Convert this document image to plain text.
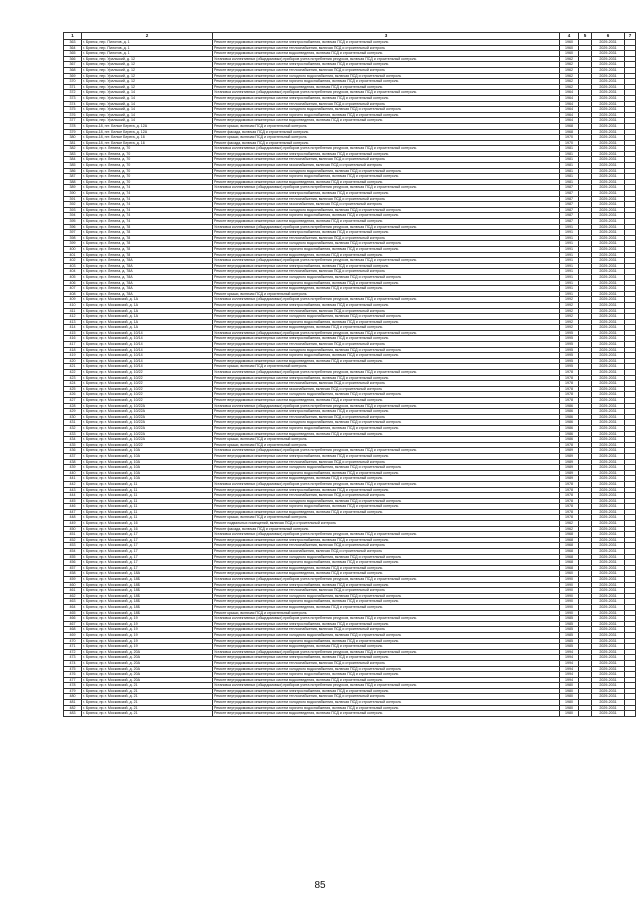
1	2	3	4	5	6	7
363	г. Брянск, пер. Пилотов, д. 1	Ремонт внутридомовых инженерных систем электроснабжения, включая ПСД и строительный контроль	1960		2029-2031	
364	г. Брянск, пер. Пилотов, д. 1	Ремонт внутридомовых инженерных систем теплоснабжения, включая ПСД и строительный контроль	1960		2029-2031	
365	г. Брянск, пер. Пилотов, д. 1	Ремонт внутридомовых инженерных систем водоотведения, включая ПСД и строительный контроль	1960		2029-2031	
366	г. Брянск, пер. Уральский, д. 12	Установка коллективных (общедомовых) приборов учета потребления ресурсов, включая ПСД и строительный контроль	1962		2029-2031	
367	г. Брянск, пер. Уральский, д. 12	Ремонт внутридомовых инженерных систем электроснабжения, включая ПСД и строительный контроль	1962		2029-2031	
368	г. Брянск, пер. Уральский, д. 12	Ремонт внутридомовых инженерных систем теплоснабжения, включая ПСД и строительный контроль	1962		2029-2031	
369	г. Брянск, пер. Уральский, д. 12	Ремонт внутридомовых инженерных систем холодного водоснабжения, включая ПСД и строительный контроль	1962		2029-2031	
370	г. Брянск, пер. Уральский, д. 12	Ремонт внутридомовых инженерных систем горячего водоснабжения, включая ПСД и строительный контроль	1962		2029-2031	
371	г. Брянск, пер. Уральский, д. 12	Ремонт внутридомовых инженерных систем водоотведения, включая ПСД и строительный контроль	1962		2029-2031	
372	г. Брянск, пер. Уральский, д. 14	Установка коллективных (общедомовых) приборов учета потребления ресурсов, включая ПСД и строительный контроль	1964		2029-2031	
373	г. Брянск, пер. Уральский, д. 14	Ремонт внутридомовых инженерных систем электроснабжения, включая ПСД и строительный контроль	1964		2029-2031	
374	г. Брянск, пер. Уральский, д. 14	Ремонт внутридомовых инженерных систем теплоснабжения, включая ПСД и строительный контроль	1964		2029-2031	
375	г. Брянск, пер. Уральский, д. 14	Ремонт внутридомовых инженерных систем холодного водоснабжения, включая ПСД и строительный контроль	1964		2029-2031	
376	г. Брянск, пер. Уральский, д. 14	Ремонт внутридомовых инженерных систем горячего водоснабжения, включая ПСД и строительный контроль	1964		2029-2031	
377	г. Брянск, пер. Уральский, д. 14	Ремонт внутридомовых инженерных систем водоотведения, включая ПСД и строительный контроль	1964		2029-2031	
378	г. Брянск-18, пгт. Белые Берега, д. 12А	Ремонт крыши, включая ПСД и строительный контроль	1968		2029-2031	
379	г. Брянск-18, пгт. Белые Берега, д. 12А	Ремонт фасада, включая ПСД и строительный контроль	1968		2029-2031	
380	г. Брянск-18, пгт. Белые Берега, д. 16	Ремонт крыши, включая ПСД и строительный контроль	1970		2029-2031	
381	г. Брянск-18, пгт. Белые Берега, д. 16	Ремонт фасада, включая ПСД и строительный контроль	1970		2029-2031	
382	г. Брянск, пр-т. Ленина, д. 70	Установка коллективных (общедомовых) приборов учета потребления ресурсов, включая ПСД и строительный контроль	1981		2029-2031	
383	г. Брянск, пр-т. Ленина, д. 70	Ремонт внутридомовых инженерных систем электроснабжения, включая ПСД и строительный контроль	1981		2029-2031	
384	г. Брянск, пр-т. Ленина, д. 70	Ремонт внутридомовых инженерных систем теплоснабжения, включая ПСД и строительный контроль	1981		2029-2031	
385	г. Брянск, пр-т. Ленина, д. 70	Ремонт внутридомовых инженерных систем газоснабжения, включая ПСД и строительный контроль	1981		2029-2031	
386	г. Брянск, пр-т. Ленина, д. 70	Ремонт внутридомовых инженерных систем холодного водоснабжения, включая ПСД и строительный контроль	1981		2029-2031	
387	г. Брянск, пр-т. Ленина, д. 70	Ремонт внутридомовых инженерных систем горячего водоснабжения, включая ПСД и строительный контроль	1981		2029-2031	
388	г. Брянск, пр-т. Ленина, д. 70	Ремонт внутридомовых инженерных систем водоотведения, включая ПСД и строительный контроль	1981		2029-2031	
389	г. Брянск, пр-т. Ленина, д. 74	Установка коллективных (общедомовых) приборов учета потребления ресурсов, включая ПСД и строительный контроль	1987		2029-2031	
390	г. Брянск, пр-т. Ленина, д. 74	Ремонт внутридомовых инженерных систем электроснабжения, включая ПСД и строительный контроль	1987		2029-2031	
391	г. Брянск, пр-т. Ленина, д. 74	Ремонт внутридомовых инженерных систем теплоснабжения, включая ПСД и строительный контроль	1987		2029-2031	
392	г. Брянск, пр-т. Ленина, д. 74	Ремонт внутридомовых инженерных систем газоснабжения, включая ПСД и строительный контроль	1987		2029-2031	
393	г. Брянск, пр-т. Ленина, д. 74	Ремонт внутридомовых инженерных систем холодного водоснабжения, включая ПСД и строительный контроль	1987		2029-2031	
394	г. Брянск, пр-т. Ленина, д. 74	Ремонт внутридомовых инженерных систем горячего водоснабжения, включая ПСД и строительный контроль	1987		2029-2031	
395	г. Брянск, пр-т. Ленина, д. 74	Ремонт внутридомовых инженерных систем водоотведения, включая ПСД и строительный контроль	1987		2029-2031	
396	г. Брянск, пр-т. Ленина, д. 78	Установка коллективных (общедомовых) приборов учета потребления ресурсов, включая ПСД и строительный контроль	1991		2029-2031	
397	г. Брянск, пр-т. Ленина, д. 78	Ремонт внутридомовых инженерных систем электроснабжения, включая ПСД и строительный контроль	1991		2029-2031	
398	г. Брянск, пр-т. Ленина, д. 78	Ремонт внутридомовых инженерных систем теплоснабжения, включая ПСД и строительный контроль	1991		2029-2031	
399	г. Брянск, пр-т. Ленина, д. 78	Ремонт внутридомовых инженерных систем холодного водоснабжения, включая ПСД и строительный контроль	1991		2029-2031	
400	г. Брянск, пр-т. Ленина, д. 78	Ремонт внутридомовых инженерных систем горячего водоснабжения, включая ПСД и строительный контроль	1991		2029-2031	
401	г. Брянск, пр-т. Ленина, д. 78	Ремонт внутридомовых инженерных систем водоотведения, включая ПСД и строительный контроль	1991		2029-2031	
402	г. Брянск, пр-т. Ленина, д. 78А	Установка коллективных (общедомовых) приборов учета потребления ресурсов, включая ПСД и строительный контроль	1991		2029-2031	
403	г. Брянск, пр-т. Ленина, д. 78А	Ремонт внутридомовых инженерных систем электроснабжения, включая ПСД и строительный контроль	1991		2029-2031	
404	г. Брянск, пр-т. Ленина, д. 78А	Ремонт внутридомовых инженерных систем теплоснабжения, включая ПСД и строительный контроль	1991		2029-2031	
405	г. Брянск, пр-т. Ленина, д. 78А	Ремонт внутридомовых инженерных систем холодного водоснабжения, включая ПСД и строительный контроль	1991		2029-2031	
406	г. Брянск, пр-т. Ленина, д. 78А	Ремонт внутридомовых инженерных систем горячего водоснабжения, включая ПСД и строительный контроль	1991		2029-2031	
407	г. Брянск, пр-т. Ленина, д. 78А	Ремонт внутридомовых инженерных систем водоотведения, включая ПСД и строительный контроль	1991		2029-2031	
408	г. Брянск, пр-т. Ленина, д. 78А	Ремонт крыши, включая ПСД и строительный контроль	1991		2029-2031	
409	г. Брянск, пр-т. Московский, д. 1А	Установка коллективных (общедомовых) приборов учета потребления ресурсов, включая ПСД и строительный контроль	1992		2029-2031	
410	г. Брянск, пр-т. Московский, д. 1А	Ремонт внутридомовых инженерных систем электроснабжения, включая ПСД и строительный контроль	1992		2029-2031	
411	г. Брянск, пр-т. Московский, д. 1А	Ремонт внутридомовых инженерных систем теплоснабжения, включая ПСД и строительный контроль	1992		2029-2031	
412	г. Брянск, пр-т. Московский, д. 1А	Ремонт внутридомовых инженерных систем холодного водоснабжения, включая ПСД и строительный контроль	1992		2029-2031	
413	г. Брянск, пр-т. Московский, д. 1А	Ремонт внутридомовых инженерных систем горячего водоснабжения, включая ПСД и строительный контроль	1992		2029-2031	
414	г. Брянск, пр-т. Московский, д. 1А	Ремонт внутридомовых инженерных систем водоотведения, включая ПСД и строительный контроль	1992		2029-2031	
415	г. Брянск, пр-т. Московский, д. 10/14	Установка коллективных (общедомовых) приборов учета потребления ресурсов, включая ПСД и строительный контроль	1995		2029-2031	
416	г. Брянск, пр-т. Московский, д. 10/14	Ремонт внутридомовых инженерных систем электроснабжения, включая ПСД и строительный контроль	1995		2029-2031	
417	г. Брянск, пр-т. Московский, д. 10/14	Ремонт внутридомовых инженерных систем теплоснабжения, включая ПСД и строительный контроль	1995		2029-2031	
418	г. Брянск, пр-т. Московский, д. 10/14	Ремонт внутридомовых инженерных систем холодного водоснабжения, включая ПСД и строительный контроль	1995		2029-2031	
419	г. Брянск, пр-т. Московский, д. 10/14	Ремонт внутридомовых инженерных систем горячего водоснабжения, включая ПСД и строительный контроль	1995		2029-2031	
420	г. Брянск, пр-т. Московский, д. 10/14	Ремонт внутридомовых инженерных систем водоотведения, включая ПСД и строительный контроль	1995		2029-2031	
421	г. Брянск, пр-т. Московский, д. 10/14	Ремонт крыши, включая ПСД и строительный контроль	1995		2029-2031	
422	г. Брянск, пр-т. Московский, д. 10/22	Установка коллективных (общедомовых) приборов учета потребления ресурсов, включая ПСД и строительный контроль	1978		2029-2031	
423	г. Брянск, пр-т. Московский, д. 10/22	Ремонт внутридомовых инженерных систем электроснабжения, включая ПСД и строительный контроль	1978		2029-2031	
424	г. Брянск, пр-т. Московский, д. 10/22	Ремонт внутридомовых инженерных систем теплоснабжения, включая ПСД и строительный контроль	1978		2029-2031	
425	г. Брянск, пр-т. Московский, д. 10/22	Ремонт внутридомовых инженерных систем газоснабжения, включая ПСД и строительный контроль	1978		2029-2031	
426	г. Брянск, пр-т. Московский, д. 10/22	Ремонт внутридомовых инженерных систем холодного водоснабжения, включая ПСД и строительный контроль	1978		2029-2031	
427	г. Брянск, пр-т. Московский, д. 10/22	Ремонт внутридомовых инженерных систем водоотведения, включая ПСД и строительный контроль	1978		2029-2031	
428	г. Брянск, пр-т. Московский, д. 10/22А	Установка коллективных (общедомовых) приборов учета потребления ресурсов, включая ПСД и строительный контроль	1986		2029-2031	
429	г. Брянск, пр-т. Московский, д. 10/22А	Ремонт внутридомовых инженерных систем электроснабжения, включая ПСД и строительный контроль	1986		2029-2031	
430	г. Брянск, пр-т. Московский, д. 10/22А	Ремонт внутридомовых инженерных систем теплоснабжения, включая ПСД и строительный контроль	1986		2029-2031	
431	г. Брянск, пр-т. Московский, д. 10/22А	Ремонт внутридомовых инженерных систем холодного водоснабжения, включая ПСД и строительный контроль	1986		2029-2031	
432	г. Брянск, пр-т. Московский, д. 10/22А	Ремонт внутридомовых инженерных систем горячего водоснабжения, включая ПСД и строительный контроль	1986		2029-2031	
433	г. Брянск, пр-т. Московский, д. 10/22А	Ремонт внутридомовых инженерных систем водоотведения, включая ПСД и строительный контроль	1986		2029-2031	
434	г. Брянск, пр-т. Московский, д. 10/22А	Ремонт крыши, включая ПСД и строительный контроль	1986		2029-2031	
435	г. Брянск, пр-т. Московский, д. 10/22	Ремонт крыши, включая ПСД и строительный контроль	1978		2029-2031	
436	г. Брянск, пр-т. Московский, д. 10А	Установка коллективных (общедомовых) приборов учета потребления ресурсов, включая ПСД и строительный контроль	1989		2029-2031	
437	г. Брянск, пр-т. Московский, д. 10А	Ремонт внутридомовых инженерных систем электроснабжения, включая ПСД и строительный контроль	1989		2029-2031	
438	г. Брянск, пр-т. Московский, д. 10А	Ремонт внутридомовых инженерных систем теплоснабжения, включая ПСД и строительный контроль	1989		2029-2031	
439	г. Брянск, пр-т. Московский, д. 10А	Ремонт внутридомовых инженерных систем холодного водоснабжения, включая ПСД и строительный контроль	1989		2029-2031	
440	г. Брянск, пр-т. Московский, д. 10А	Ремонт внутридомовых инженерных систем горячего водоснабжения, включая ПСД и строительный контроль	1989		2029-2031	
441	г. Брянск, пр-т. Московский, д. 10А	Ремонт внутридомовых инженерных систем водоотведения, включая ПСД и строительный контроль	1989		2029-2031	
442	г. Брянск, пр-т. Московский, д. 11	Установка коллективных (общедомовых) приборов учета потребления ресурсов, включая ПСД и строительный контроль	1978		2029-2031	
443	г. Брянск, пр-т. Московский, д. 11	Ремонт внутридомовых инженерных систем электроснабжения, включая ПСД и строительный контроль	1978		2029-2031	
444	г. Брянск, пр-т. Московский, д. 11	Ремонт внутридомовых инженерных систем теплоснабжения, включая ПСД и строительный контроль	1978		2029-2031	
445	г. Брянск, пр-т. Московский, д. 11	Ремонт внутридомовых инженерных систем холодного водоснабжения, включая ПСД и строительный контроль	1978		2029-2031	
446	г. Брянск, пр-т. Московский, д. 11	Ремонт внутридомовых инженерных систем горячего водоснабжения, включая ПСД и строительный контроль	1978		2029-2031	
447	г. Брянск, пр-т. Московский, д. 11	Ремонт внутридомовых инженерных систем водоотведения, включая ПСД и строительный контроль	1978		2029-2031	
448	г. Брянск, пр-т. Московский, д. 11	Ремонт крыши, включая ПСД и строительный контроль	1978		2029-2031	
449	г. Брянск, пр-т. Московский, д. 16	Ремонт подвальных помещений, включая ПСД и строительный контроль	1962		2029-2031	
450	г. Брянск, пр-т. Московский, д. 16	Ремонт фасада, включая ПСД и строительный контроль	1962		2029-2031	
451	г. Брянск, пр-т. Московский, д. 17	Установка коллективных (общедомовых) приборов учета потребления ресурсов, включая ПСД и строительный контроль	1968		2029-2031	
452	г. Брянск, пр-т. Московский, д. 17	Ремонт внутридомовых инженерных систем электроснабжения, включая ПСД и строительный контроль	1968		2029-2031	
453	г. Брянск, пр-т. Московский, д. 17	Ремонт внутридомовых инженерных систем теплоснабжения, включая ПСД и строительный контроль	1968		2029-2031	
454	г. Брянск, пр-т. Московский, д. 17	Ремонт внутридомовых инженерных систем газоснабжения, включая ПСД и строительный контроль	1968		2029-2031	
455	г. Брянск, пр-т. Московский, д. 17	Ремонт внутридомовых инженерных систем холодного водоснабжения, включая ПСД и строительный контроль	1968		2029-2031	
456	г. Брянск, пр-т. Московский, д. 17	Ремонт внутридомовых инженерных систем горячего водоснабжения, включая ПСД и строительный контроль	1968		2029-2031	
457	г. Брянск, пр-т. Московский, д. 17	Ремонт внутридомовых инженерных систем водоотведения, включая ПСД и строительный контроль	1968		2029-2031	
458	г. Брянск, пр-т. Московский, д. 18А	Ремонт внутридомовых инженерных систем водоотведения, включая ПСД и строительный контроль	1960		2029-2031	
459	г. Брянск, пр-т. Московский, д. 18Б	Установка коллективных (общедомовых) приборов учета потребления ресурсов, включая ПСД и строительный контроль	1990		2029-2031	
460	г. Брянск, пр-т. Московский, д. 18Б	Ремонт внутридомовых инженерных систем электроснабжения, включая ПСД и строительный контроль	1990		2029-2031	
461	г. Брянск, пр-т. Московский, д. 18Б	Ремонт внутридомовых инженерных систем теплоснабжения, включая ПСД и строительный контроль	1990		2029-2031	
462	г. Брянск, пр-т. Московский, д. 18Б	Ремонт внутридомовых инженерных систем холодного водоснабжения, включая ПСД и строительный контроль	1990		2029-2031	
463	г. Брянск, пр-т. Московский, д. 18Б	Ремонт внутридомовых инженерных систем горячего водоснабжения, включая ПСД и строительный контроль	1990		2029-2031	
464	г. Брянск, пр-т. Московский, д. 18Б	Ремонт внутридомовых инженерных систем водоотведения, включая ПСД и строительный контроль	1990		2029-2031	
465	г. Брянск, пр-т. Московский, д. 18Б	Ремонт крыши, включая ПСД и строительный контроль	1990		2029-2031	
466	г. Брянск, пр-т. Московский, д. 19	Установка коллективных (общедомовых) приборов учета потребления ресурсов, включая ПСД и строительный контроль	1985		2029-2031	
467	г. Брянск, пр-т. Московский, д. 19	Ремонт внутридомовых инженерных систем электроснабжения, включая ПСД и строительный контроль	1985		2029-2031	
468	г. Брянск, пр-т. Московский, д. 19	Ремонт внутридомовых инженерных систем теплоснабжения, включая ПСД и строительный контроль	1985		2029-2031	
469	г. Брянск, пр-т. Московский, д. 19	Ремонт внутридомовых инженерных систем холодного водоснабжения, включая ПСД и строительный контроль	1985		2029-2031	
470	г. Брянск, пр-т. Московский, д. 19	Ремонт внутридомовых инженерных систем горячего водоснабжения, включая ПСД и строительный контроль	1985		2029-2031	
471	г. Брянск, пр-т. Московский, д. 19	Ремонт внутридомовых инженерных систем водоотведения, включая ПСД и строительный контроль	1985		2029-2031	
472	г. Брянск, пр-т. Московский, д. 20А	Установка коллективных (общедомовых) приборов учета потребления ресурсов, включая ПСД и строительный контроль	1994		2029-2031	
473	г. Брянск, пр-т. Московский, д. 20А	Ремонт внутридомовых инженерных систем электроснабжения, включая ПСД и строительный контроль	1994		2029-2031	
474	г. Брянск, пр-т. Московский, д. 20А	Ремонт внутридомовых инженерных систем теплоснабжения, включая ПСД и строительный контроль	1994		2029-2031	
475	г. Брянск, пр-т. Московский, д. 20А	Ремонт внутридомовых инженерных систем холодного водоснабжения, включая ПСД и строительный контроль	1994		2029-2031	
476	г. Брянск, пр-т. Московский, д. 20А	Ремонт внутридомовых инженерных систем горячего водоснабжения, включая ПСД и строительный контроль	1994		2029-2031	
477	г. Брянск, пр-т. Московский, д. 20А	Ремонт внутридомовых инженерных систем водоотведения, включая ПСД и строительный контроль	1994		2029-2031	
478	г. Брянск, пр-т. Московский, д. 21	Установка коллективных (общедомовых) приборов учета потребления ресурсов, включая ПСД и строительный контроль	1980		2029-2031	
479	г. Брянск, пр-т. Московский, д. 21	Ремонт внутридомовых инженерных систем электроснабжения, включая ПСД и строительный контроль	1980		2029-2031	
480	г. Брянск, пр-т. Московский, д. 21	Ремонт внутридомовых инженерных систем теплоснабжения, включая ПСД и строительный контроль	1980		2029-2031	
481	г. Брянск, пр-т. Московский, д. 21	Ремонт внутридомовых инженерных систем холодного водоснабжения, включая ПСД и строительный контроль	1980		2029-2031	
482	г. Брянск, пр-т. Московский, д. 21	Ремонт внутридомовых инженерных систем горячего водоснабжения, включая ПСД и строительный контроль	1980		2029-2031	
483	г. Брянск, пр-т. Московский, д. 21	Ремонт внутридомовых инженерных систем водоотведения, включая ПСД и строительный контроль	1980		2029-2031	
85
